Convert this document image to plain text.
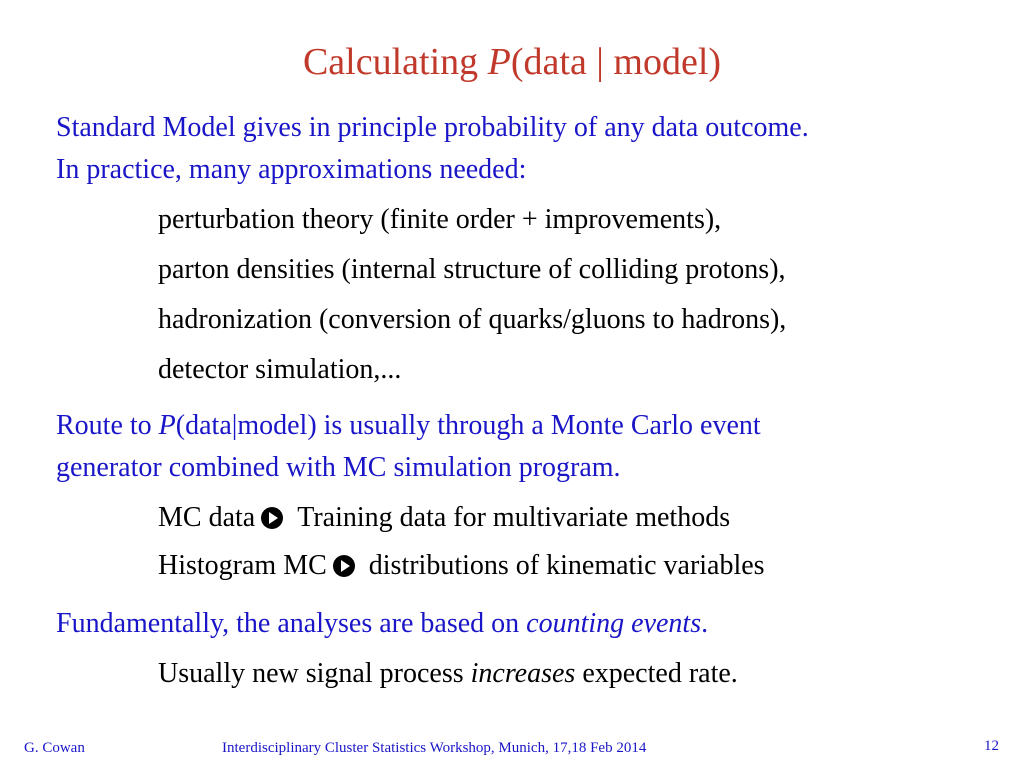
Calculating P(data | model)
Standard Model gives in principle probability of any data outcome.
In practice, many approximations needed:
perturbation theory (finite order + improvements),
parton densities (internal structure of colliding protons),
hadronization (conversion of quarks/gluons to hadrons),
detector simulation,...
Route to P(data|model) is usually through a Monte Carlo event
generator combined with MC simulation program.
MC data Training data for multivariate methods
Histogram MC distributions of kinematic variables
Fundamentally, the analyses are based on counting events.
Usually new signal process increases expected rate.
G. Cowan	Interdisciplinary Cluster Statistics Workshop, Munich, 17,18 Feb 2014	12
